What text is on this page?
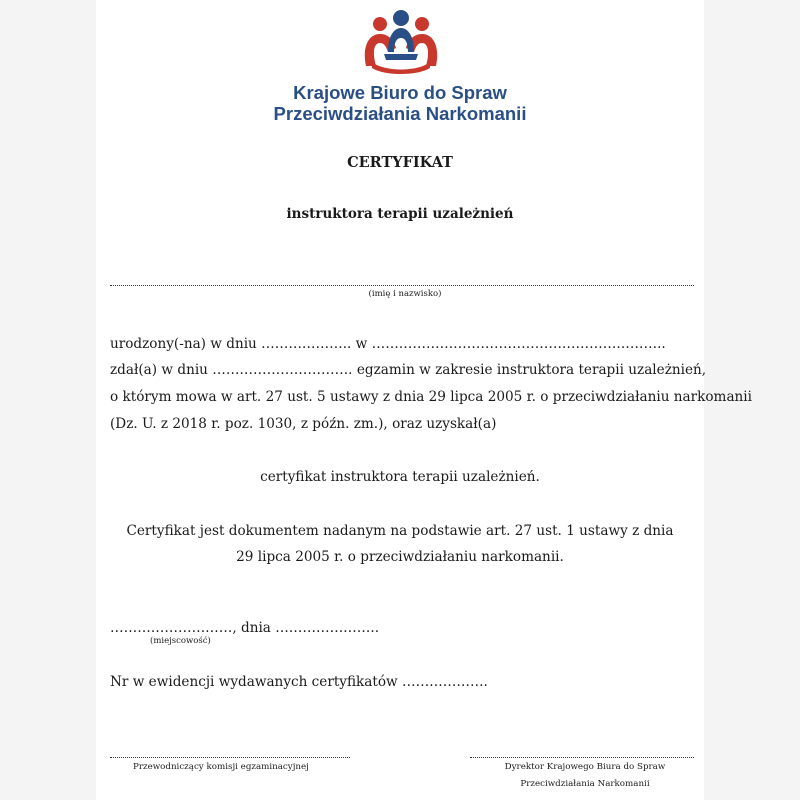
Krajowe Biuro do Spraw
Przeciwdziałania Narkomanii
CERTYFIKAT
instruktora terapii uzależnień
(imię i nazwisko)
urodzony(-na) w dniu ……………….. w ………………………………………………………..
zdał(a) w dniu …………………………. egzamin w zakresie instruktora terapii uzależnień,
o którym mowa w art. 27 ust. 5 ustawy z dnia 29 lipca 2005 r. o przeciwdziałaniu narkomanii
(Dz. U. z 2018 r. poz. 1030, z późn. zm.), oraz uzyskał(a)
certyfikat instruktora terapii uzależnień.
Certyfikat jest dokumentem nadanym na podstawie art. 27 ust. 1 ustawy z dnia
29 lipca 2005 r. o przeciwdziałaniu narkomanii.
………………………, dnia …………………..
(miejscowość)
Nr w ewidencji wydawanych certyfikatów ……………….
Przewodniczący komisji egzaminacyjnej	Dyrektor Krajowego Biura do Spraw
Przeciwdziałania Narkomanii
